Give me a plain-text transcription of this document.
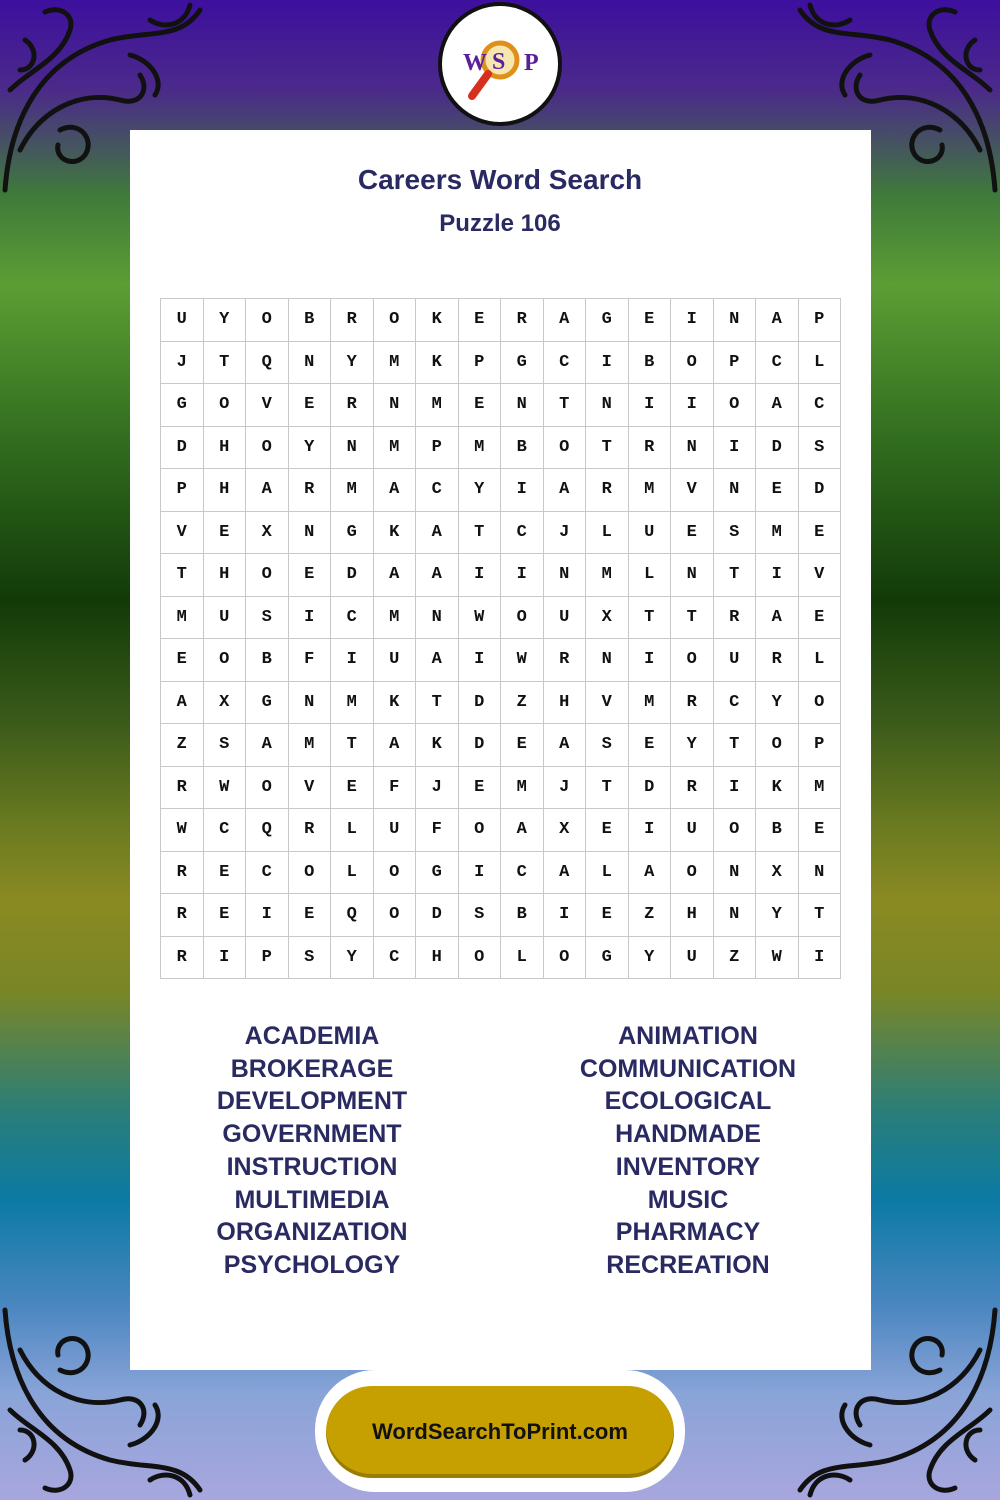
W S P
Careers Word Search
Puzzle 106
U	Y	O	B	R	O	K	E	R	A	G	E	I	N	A	P
J	T	Q	N	Y	M	K	P	G	C	I	B	O	P	C	L
G	O	V	E	R	N	M	E	N	T	N	I	I	O	A	C
D	H	O	Y	N	M	P	M	B	O	T	R	N	I	D	S
P	H	A	R	M	A	C	Y	I	A	R	M	V	N	E	D
V	E	X	N	G	K	A	T	C	J	L	U	E	S	M	E
T	H	O	E	D	A	A	I	I	N	M	L	N	T	I	V
M	U	S	I	C	M	N	W	O	U	X	T	T	R	A	E
E	O	B	F	I	U	A	I	W	R	N	I	O	U	R	L
A	X	G	N	M	K	T	D	Z	H	V	M	R	C	Y	O
Z	S	A	M	T	A	K	D	E	A	S	E	Y	T	O	P
R	W	O	V	E	F	J	E	M	J	T	D	R	I	K	M
W	C	Q	R	L	U	F	O	A	X	E	I	U	O	B	E
R	E	C	O	L	O	G	I	C	A	L	A	O	N	X	N
R	E	I	E	Q	O	D	S	B	I	E	Z	H	N	Y	T
R	I	P	S	Y	C	H	O	L	O	G	Y	U	Z	W	I
ACADEMIA
BROKERAGE
DEVELOPMENT
GOVERNMENT
INSTRUCTION
MULTIMEDIA
ORGANIZATION
PSYCHOLOGY
ANIMATION
COMMUNICATION
ECOLOGICAL
HANDMADE
INVENTORY
MUSIC
PHARMACY
RECREATION
WordSearchToPrint.com
